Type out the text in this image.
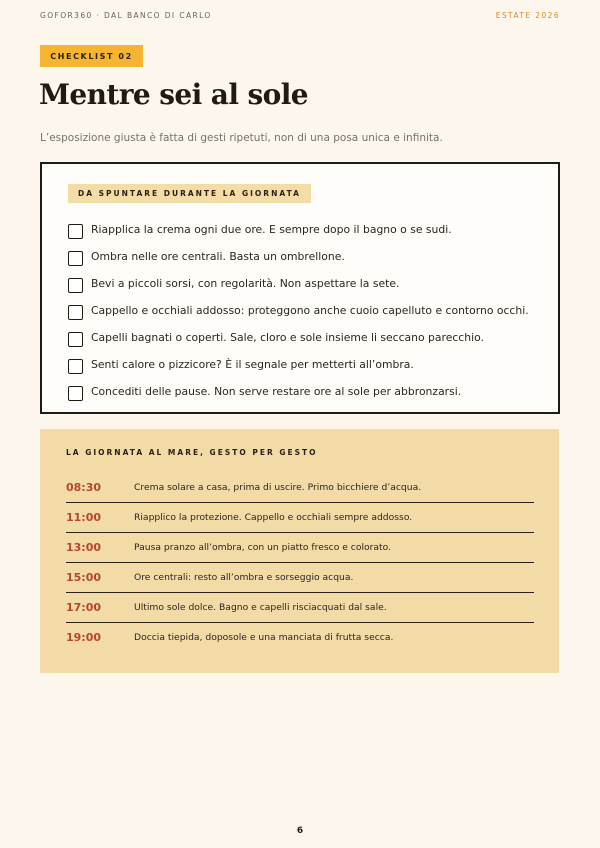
GOFOR360 · DAL BANCO DI CARLO	ESTATE 2026
CHECKLIST 02
Mentre sei al sole

L’esposizione giusta è fatta di gesti ripetuti, non di una posa unica e infinita.

DA SPUNTARE DURANTE LA GIORNATA
Riapplica la crema ogni due ore. E sempre dopo il bagno o se sudi.
Ombra nelle ore centrali. Basta un ombrellone.
Bevi a piccoli sorsi, con regolarità. Non aspettare la sete.
Cappello e occhiali addosso: proteggono anche cuoio capelluto e contorno occhi.
Capelli bagnati o coperti. Sale, cloro e sole insieme li seccano parecchio.
Senti calore o pizzicore? È il segnale per metterti all’ombra.
Concediti delle pause. Non serve restare ore al sole per abbronzarsi.
LA GIORNATA AL MARE, GESTO PER GESTO
08:30	Crema solare a casa, prima di uscire. Primo bicchiere d’acqua.
11:00	Riapplico la protezione. Cappello e occhiali sempre addosso.
13:00	Pausa pranzo all’ombra, con un piatto fresco e colorato.
15:00	Ore centrali: resto all’ombra e sorseggio acqua.
17:00	Ultimo sole dolce. Bagno e capelli risciacquati dal sale.
19:00	Doccia tiepida, doposole e una manciata di frutta secca.
6
